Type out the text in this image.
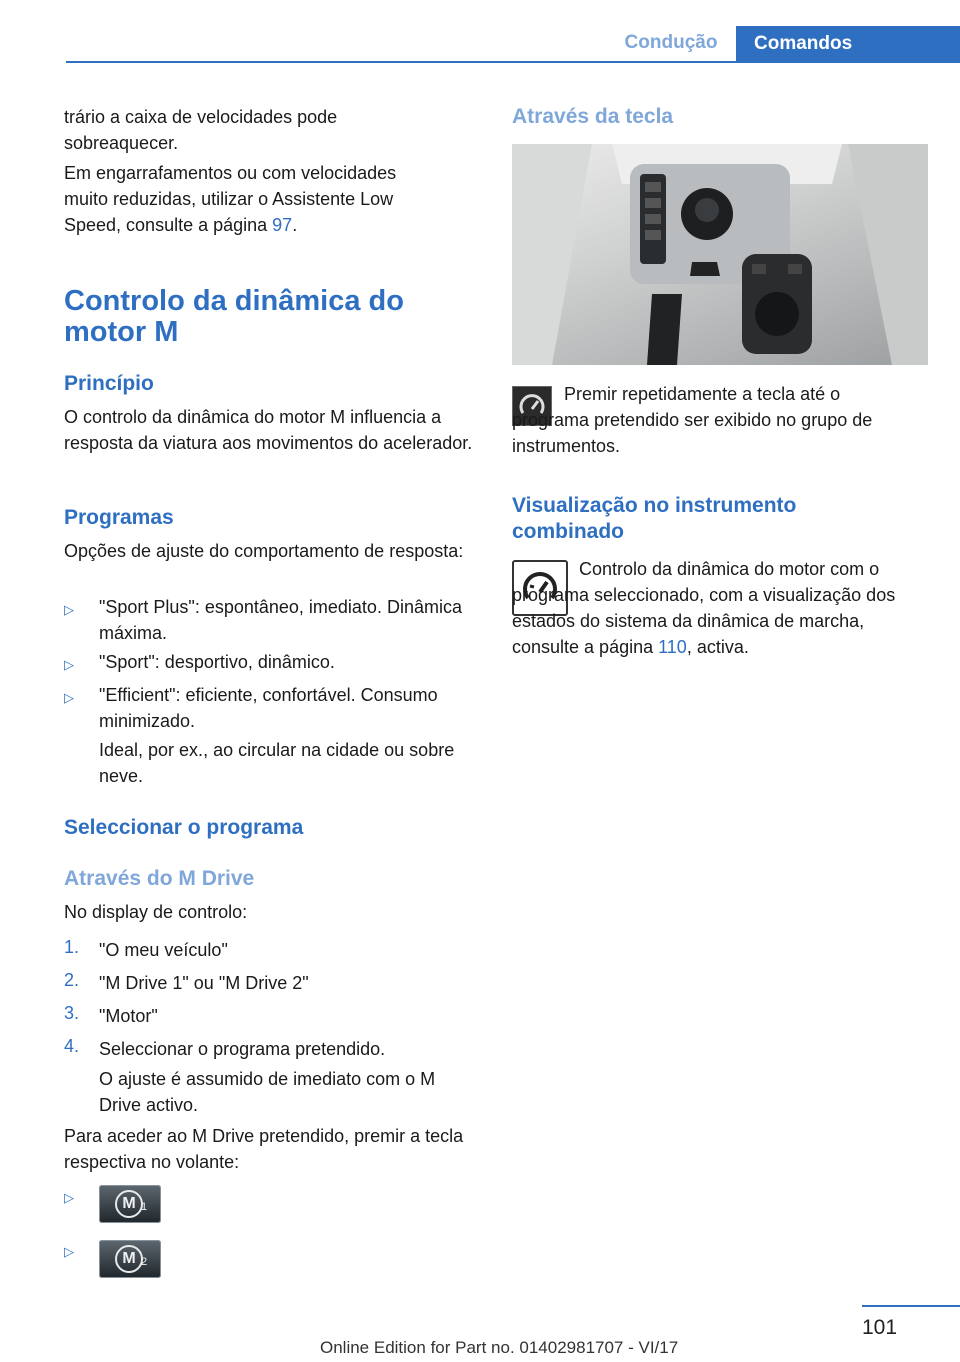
Condução	Comandos

trário a caixa de velocidades pode sobreaquecer.

Em engarrafamentos ou com velocidades muito reduzidas, utilizar o Assistente Low Speed, consulte a página 97.

Controlo da dinâmica do motor M
Princípio

O controlo da dinâmica do motor M influencia a resposta da viatura aos movimentos do acelerador.

Programas

Opções de ajuste do comportamento de resposta:

▷ "Sport Plus": espontâneo, imediato. Dinâmica máxima.

▷ "Sport": desportivo, dinâmico.

▷ "Efficient": eficiente, confortável. Consumo minimizado.

Ideal, por ex., ao circular na cidade ou sobre neve.

Seleccionar o programa
Através do M Drive

No display de controlo:

1. "O meu veículo"

2. "M Drive 1" ou "M Drive 2"

3. "Motor"

4. Seleccionar o programa pretendido.

O ajuste é assumido de imediato com o M Drive activo.

Para aceder ao M Drive pretendido, premir a tecla respectiva no volante:

▷	M 1
▷	M 2
Através da tecla

Premir repetidamente a tecla até o programa pretendido ser exibido no grupo de instrumentos.

Visualização no instrumento combinado

Controlo da dinâmica do motor com o programa seleccionado, com a visualização dos estados do sistema da dinâmica de marcha, consulte a página 110, activa.

101
Online Edition for Part no. 01402981707 - VI/17
